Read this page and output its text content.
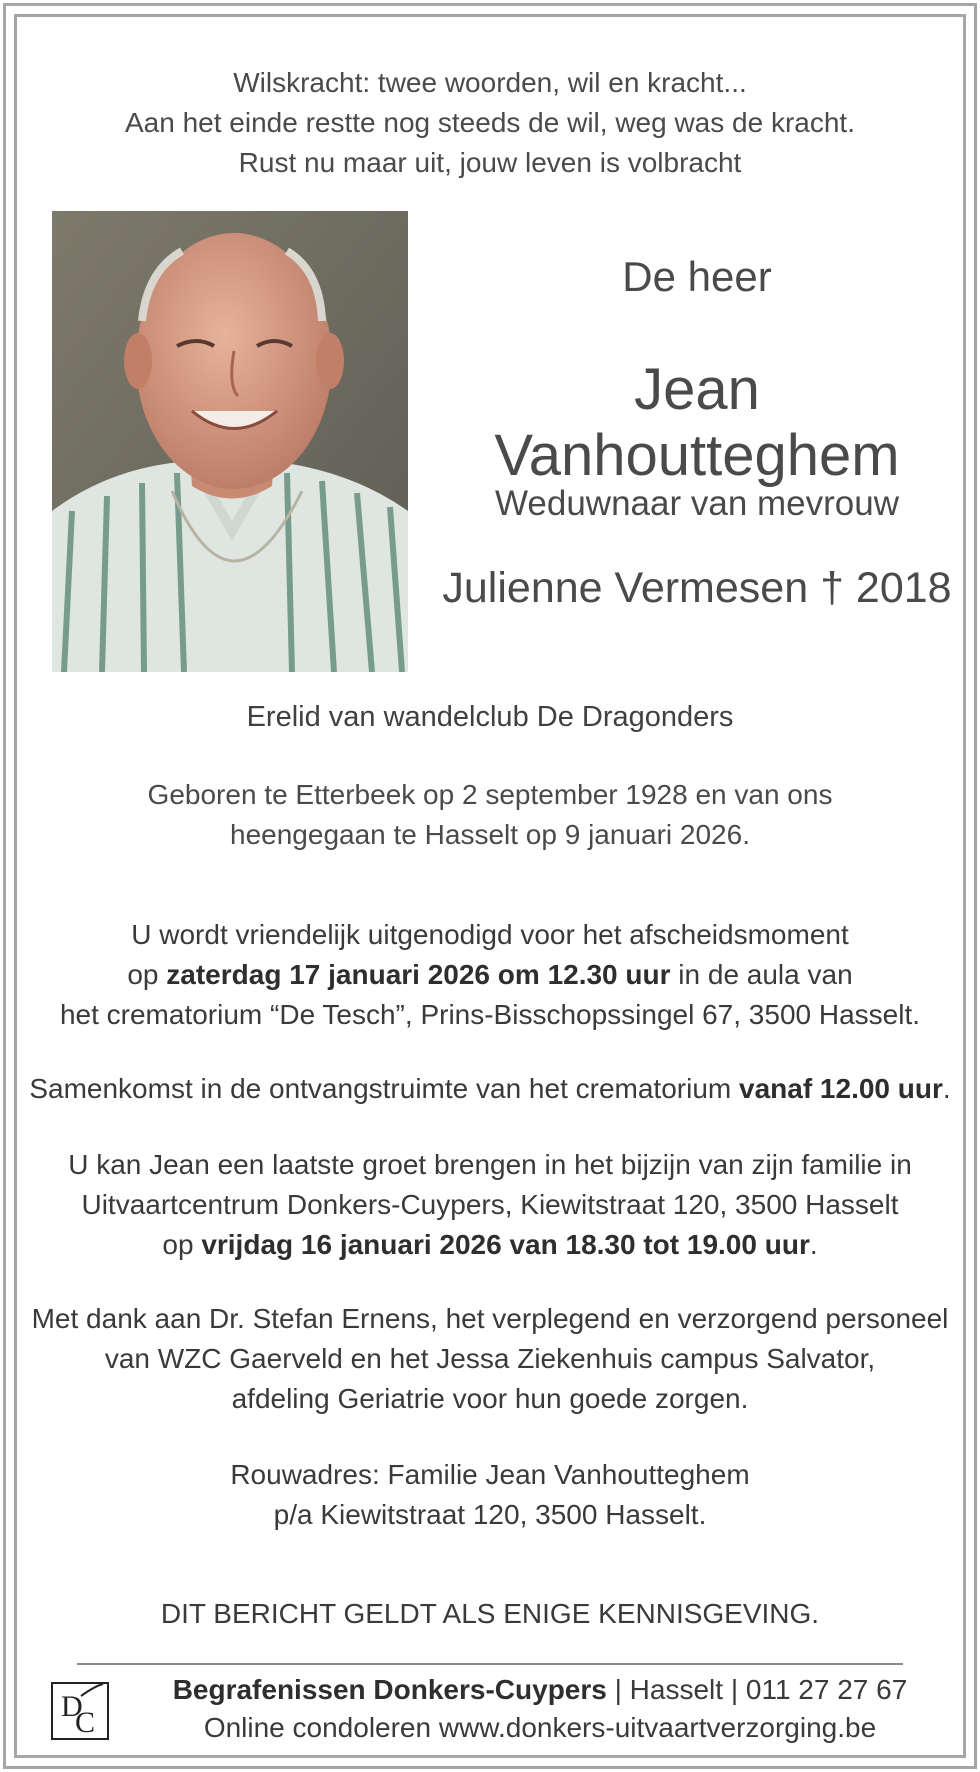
Wilskracht: twee woorden, wil en kracht...
Aan het einde restte nog steeds de wil, weg was de kracht.
Rust nu maar uit, jouw leven is volbracht
De heer
Jean Vanhoutteghem
Weduwnaar van mevrouw
Julienne Vermesen † 2018
Erelid van wandelclub De Dragonders
Geboren te Etterbeek op 2 september 1928 en van ons
heengegaan te Hasselt op 9 januari 2026.
U wordt vriendelijk uitgenodigd voor het afscheidsmoment
op zaterdag 17 januari 2026 om 12.30 uur in de aula van
het crematorium “De Tesch”, Prins-Bisschopssingel 67, 3500 Hasselt.
Samenkomst in de ontvangstruimte van het crematorium vanaf 12.00 uur.
U kan Jean een laatste groet brengen in het bijzijn van zijn familie in
Uitvaartcentrum Donkers-Cuypers, Kiewitstraat 120, 3500 Hasselt
op vrijdag 16 januari 2026 van 18.30 tot 19.00 uur.
Met dank aan Dr. Stefan Ernens, het verplegend en verzorgend personeel
van WZC Gaerveld en het Jessa Ziekenhuis campus Salvator,
afdeling Geriatrie voor hun goede zorgen.
Rouwadres: Familie Jean Vanhoutteghem
p/a Kiewitstraat 120, 3500 Hasselt.
DIT BERICHT GELDT ALS ENIGE KENNISGEVING.
D
C
Begrafenissen Donkers-Cuypers | Hasselt | 011 27 27 67
Online condoleren www.donkers-uitvaartverzorging.be
